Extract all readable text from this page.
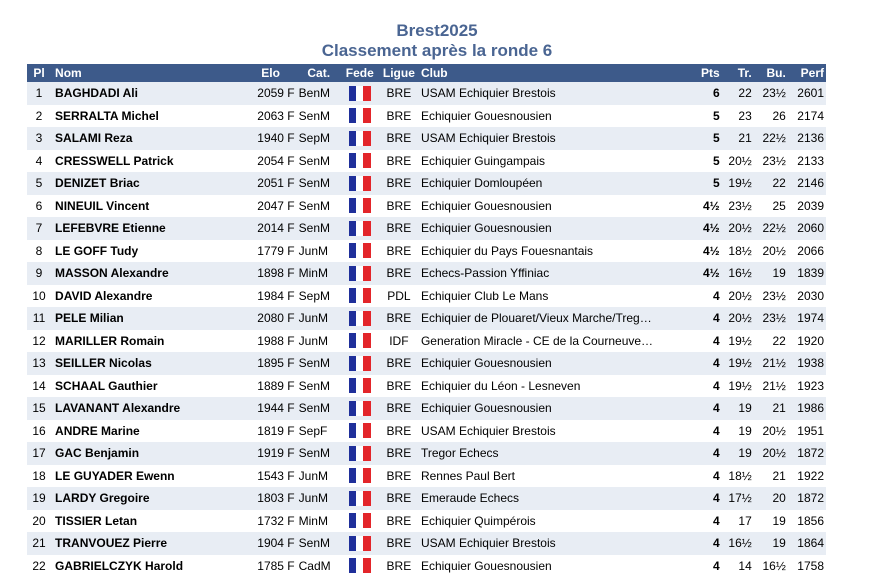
Brest2025
Classement après la ronde 6
Pl	Nom	Elo	Cat.	Fede	Ligue	Club	Pts	Tr.	Bu.	Perf
1	BAGHDADI Ali	2059 F	BenM		BRE	USAM Echiquier Brestois	6	22	23½	2601
2	SERRALTA Michel	2063 F	SenM		BRE	Echiquier Gouesnousien	5	23	26	2174
3	SALAMI Reza	1940 F	SepM		BRE	USAM Echiquier Brestois	5	21	22½	2136
4	CRESSWELL Patrick	2054 F	SenM		BRE	Echiquier Guingampais	5	20½	23½	2133
5	DENIZET Briac	2051 F	SenM		BRE	Echiquier Domloupéen	5	19½	22	2146
6	NINEUIL Vincent	2047 F	SenM		BRE	Echiquier Gouesnousien	4½	23½	25	2039
7	LEFEBVRE Etienne	2014 F	SenM		BRE	Echiquier Gouesnousien	4½	20½	22½	2060
8	LE GOFF Tudy	1779 F	JunM		BRE	Echiquier du Pays Fouesnantais	4½	18½	20½	2066
9	MASSON Alexandre	1898 F	MinM		BRE	Echecs-Passion Yffiniac	4½	16½	19	1839
10	DAVID Alexandre	1984 F	SepM		PDL	Echiquier Club Le Mans	4	20½	23½	2030
11	PELE Milian	2080 F	JunM		BRE	Echiquier de Plouaret/Vieux Marche/Treg…	4	20½	23½	1974
12	MARILLER Romain	1988 F	JunM		IDF	Generation Miracle - CE de la Courneuve…	4	19½	22	1920
13	SEILLER Nicolas	1895 F	SenM		BRE	Echiquier Gouesnousien	4	19½	21½	1938
14	SCHAAL Gauthier	1889 F	SenM		BRE	Echiquier du Léon - Lesneven	4	19½	21½	1923
15	LAVANANT Alexandre	1944 F	SenM		BRE	Echiquier Gouesnousien	4	19	21	1986
16	ANDRE Marine	1819 F	SepF		BRE	USAM Echiquier Brestois	4	19	20½	1951
17	GAC Benjamin	1919 F	SenM		BRE	Tregor Echecs	4	19	20½	1872
18	LE GUYADER Ewenn	1543 F	JunM		BRE	Rennes Paul Bert	4	18½	21	1922
19	LARDY Gregoire	1803 F	JunM		BRE	Emeraude Echecs	4	17½	20	1872
20	TISSIER Letan	1732 F	MinM		BRE	Echiquier Quimpérois	4	17	19	1856
21	TRANVOUEZ Pierre	1904 F	SenM		BRE	USAM Echiquier Brestois	4	16½	19	1864
22	GABRIELCZYK Harold	1785 F	CadM		BRE	Echiquier Gouesnousien	4	14	16½	1758
